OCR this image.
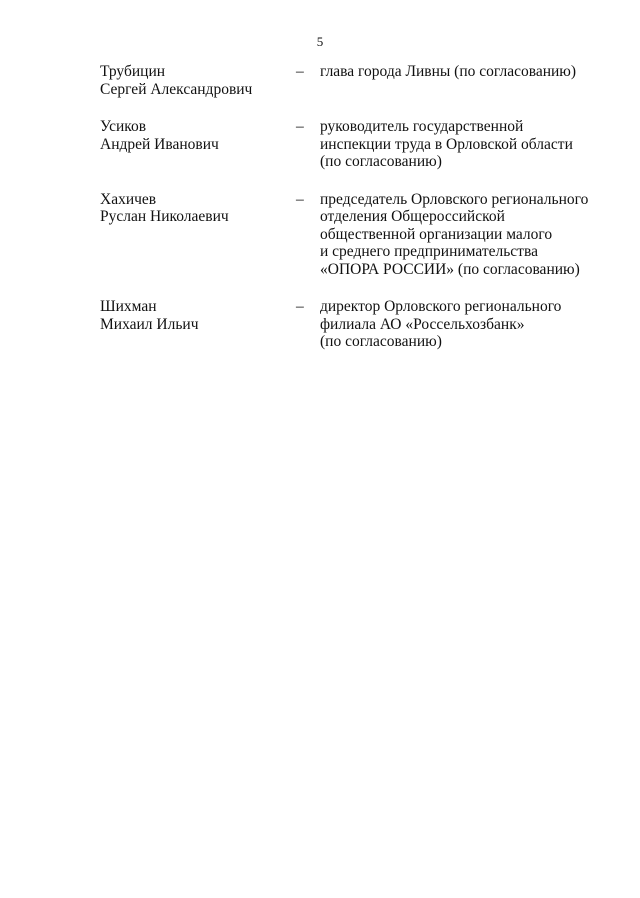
5
Трубицин
Сергей Александрович
–	глава города Ливны (по согласованию)
Усиков
Андрей Иванович
–	руководитель государственной
инспекции труда в Орловской области
(по согласованию)
Хахичев
Руслан Николаевич
–	председатель Орловского регионального
отделения Общероссийской
общественной организации малого
и среднего предпринимательства
«ОПОРА РОССИИ» (по согласованию)
Шихман
Михаил Ильич
–	директор Орловского регионального
филиала АО «Россельхозбанк»
(по согласованию)
